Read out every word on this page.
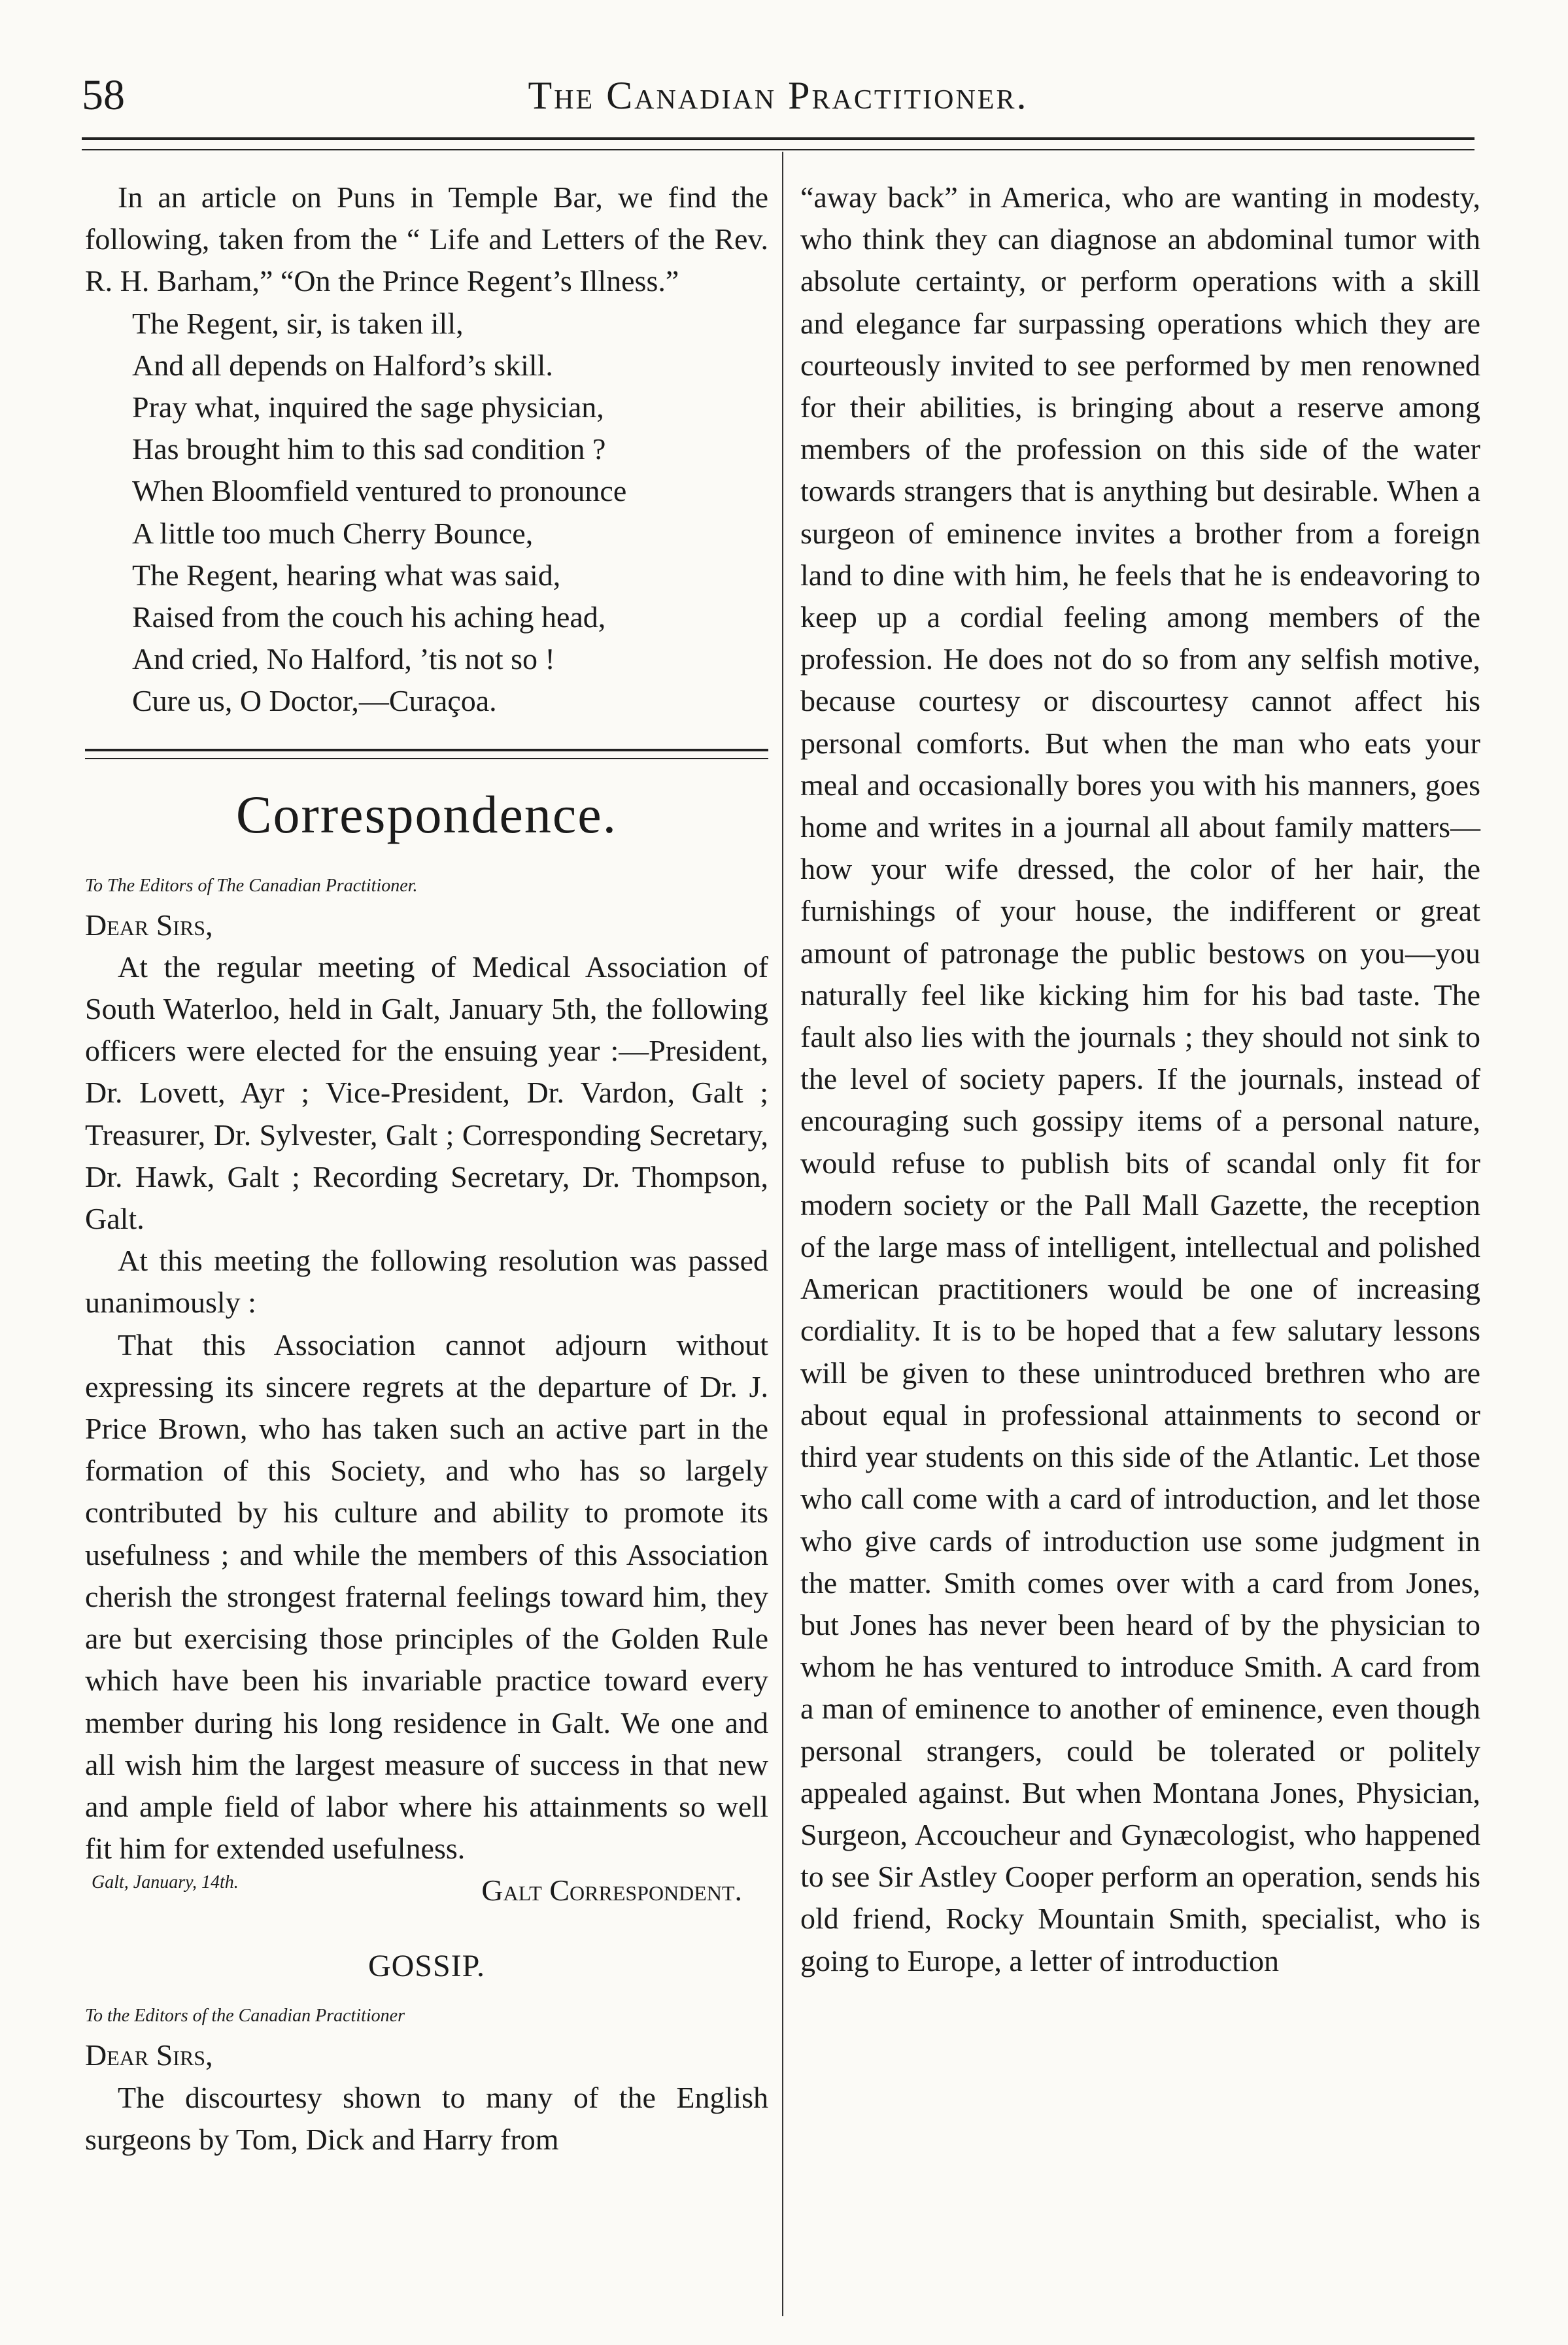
58	The Canadian Practitioner.

In an article on Puns in Temple Bar, we find the following, taken from the “ Life and Letters of the Rev. R. H. Barham,” “On the Prince Regent’s Illness.”

The Regent, sir, is taken ill,
And all depends on Halford’s skill.
Pray what, inquired the sage physician,
Has brought him to this sad condition ?
When Bloomfield ventured to pronounce
A little too much Cherry Bounce,
The Regent, hearing what was said,
Raised from the couch his aching head,
And cried, No Halford, ’tis not so !
Cure us, O Doctor,—Curaçoa.
Correspondence.
To The Editors of The Canadian Practitioner.

Dear Sirs,

At the regular meeting of Medical Association of South Waterloo, held in Galt, January 5th, the following officers were elected for the ensuing year :—President, Dr. Lovett, Ayr ; Vice-President, Dr. Vardon, Galt ; Treasurer, Dr. Sylvester, Galt ; Corresponding Secretary, Dr. Hawk, Galt ; Recording Secretary, Dr. Thompson, Galt.

At this meeting the following resolution was passed unanimously :

That this Association cannot adjourn without expressing its sincere regrets at the departure of Dr. J. Price Brown, who has taken such an active part in the formation of this Society, and who has so largely contributed by his culture and ability to promote its usefulness ; and while the members of this Association cherish the strongest fraternal feelings toward him, they are but exercising those principles of the Golden Rule which have been his invariable practice toward every member during his long residence in Galt. We one and all wish him the largest measure of success in that new and ample field of labor where his attainments so well fit him for extended usefulness.
Galt Correspondent.

Galt, January, 14th.
GOSSIP.
To the Editors of the Canadian Practitioner

Dear Sirs,

The discourtesy shown to many of the English surgeons by Tom, Dick and Harry from

“away back” in America, who are wanting in modesty, who think they can diagnose an abdominal tumor with absolute certainty, or perform operations with a skill and elegance far surpassing operations which they are courteously invited to see performed by men renowned for their abilities, is bringing about a reserve among members of the profession on this side of the water towards strangers that is anything but desirable. When a surgeon of eminence invites a brother from a foreign land to dine with him, he feels that he is endeavoring to keep up a cordial feeling among members of the profession. He does not do so from any selfish motive, because courtesy or discourtesy cannot affect his personal comforts. But when the man who eats your meal and occasionally bores you with his manners, goes home and writes in a journal all about family matters—how your wife dressed, the color of her hair, the furnishings of your house, the indifferent or great amount of patronage the public bestows on you—you naturally feel like kicking him for his bad taste. The fault also lies with the journals ; they should not sink to the level of society papers. If the journals, instead of encouraging such gossipy items of a personal nature, would refuse to publish bits of scandal only fit for modern society or the Pall Mall Gazette, the reception of the large mass of intelligent, intellectual and polished American practitioners would be one of increasing cordiality. It is to be hoped that a few salutary lessons will be given to these unintroduced brethren who are about equal in professional attainments to second or third year students on this side of the Atlantic. Let those who call come with a card of introduction, and let those who give cards of introduction use some judgment in the matter. Smith comes over with a card from Jones, but Jones has never been heard of by the physician to whom he has ventured to introduce Smith. A card from a man of eminence to another of eminence, even though personal strangers, could be tolerated or politely appealed against. But when Montana Jones, Physician, Surgeon, Accoucheur and Gynæcologist, who happened to see Sir Astley Cooper perform an operation, sends his old friend, Rocky Mountain Smith, specialist, who is going to Europe, a letter of introduction
